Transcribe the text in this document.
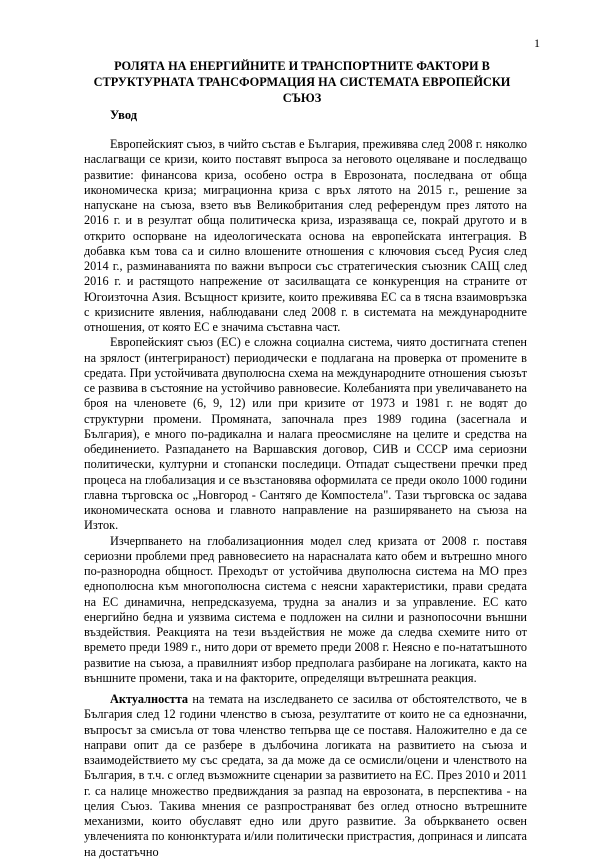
1
РОЛЯТА НА ЕНЕРГИЙНИТЕ И ТРАНСПОРТНИТЕ ФАКТОРИ В СТРУКТУРНАТА ТРАНСФОРМАЦИЯ НА СИСТЕМАТА ЕВРОПЕЙСКИ СЪЮЗ
Увод

Европейският съюз, в чийто състав е България, преживява след 2008 г. няколко наслагващи се кризи, които поставят въпроса за неговото оцеляване и последващо развитие: финансова криза, особено остра в Еврозоната, последвана от обща икономическа криза; миграционна криза с връх лятото на 2015 г., решение за напускане на съюза, взето във Великобритания след референдум през лятото на 2016 г. и в резултат обща политическа криза, изразяваща се, покрай другото и в открито оспорване на идеологическата основа на европейската интеграция. В добавка към това са и силно влошените отношения с ключовия съсед Русия след 2014 г., разминаванията по важни въпроси със стратегическия съюзник САЩ след 2016 г. и растящото напрежение от засилващата се конкуренция на страните от Югоизточна Азия. Всъщност кризите, които преживява ЕС са в тясна взаимовръзка с кризисните явления, наблюдавани след 2008 г. в системата на международните отношения, от която ЕС е значима съставна част.

Европейският съюз (ЕС) е сложна социална система, чиято достигната степен на зрялост (интегрираност) периодически е подлагана на проверка от промените в средата. При устойчивата двуполюсна схема на международните отношения съюзът се развива в състояние на устойчиво равновесие. Колебанията при увеличаването на броя на членовете (6, 9, 12) или при кризите от 1973 и 1981 г. не водят до структурни промени. Промяната, започнала през 1989 година (засегнала и България), е много по-радикална и налага преосмисляне на целите и средства на обединението. Разпадането на Варшавския договор, СИВ и СССР има сериозни политически, културни и стопански последици. Отпадат съществени пречки пред процеса на глобализация и се възстановява оформилата се преди около 1000 години главна търговска ос „Новгород - Сантяго де Компостела". Тази търговска ос задава икономическата основа и главното направление на разширяването на съюза на Изток.

Изчерпването на глобализационния модел след кризата от 2008 г. поставя сериозни проблеми пред равновесието на нарасналата като обем и вътрешно много по-разнородна общност. Преходът от устойчива двуполюсна система на МО през еднополюсна към многополюсна система с неясни характеристики, прави средата на ЕС динамична, непредсказуема, трудна за анализ и за управление. ЕС като енергийно бедна и уязвима система е подложен на силни и разнопосочни външни въздействия. Реакцията на тези въздействия не може да следва схемите нито от времето преди 1989 г., нито дори от времето преди 2008 г. Неясно е по-нататъшното развитие на съюза, а правилният избор предполага разбиране на логиката, както на външните промени, така и на факторите, определящи вътрешната реакция.

Актуалността на темата на изследването се засилва от обстоятелството, че в България след 12 години членство в съюза, резултатите от които не са еднозначни, въпросът за смисъла от това членство тепърва ще се поставя. Наложително е да се направи опит да се разбере в дълбочина логиката на развитието на съюза и взаимодействието му със средата, за да може да се осмисли/оцени и членството на България, в т.ч. с оглед възможните сценарии за развитието на ЕС. През 2010 и 2011 г. са налице множество предвиждания за разпад на еврозоната, в перспектива - на целия Съюз. Такива мнения се разпространяват без оглед относно вътрешните механизми, които обуславят едно или друго развитие. За объркването освен увлеченията по конюнктурата и/или политически пристрастия, допринася и липсата на достатъчно
